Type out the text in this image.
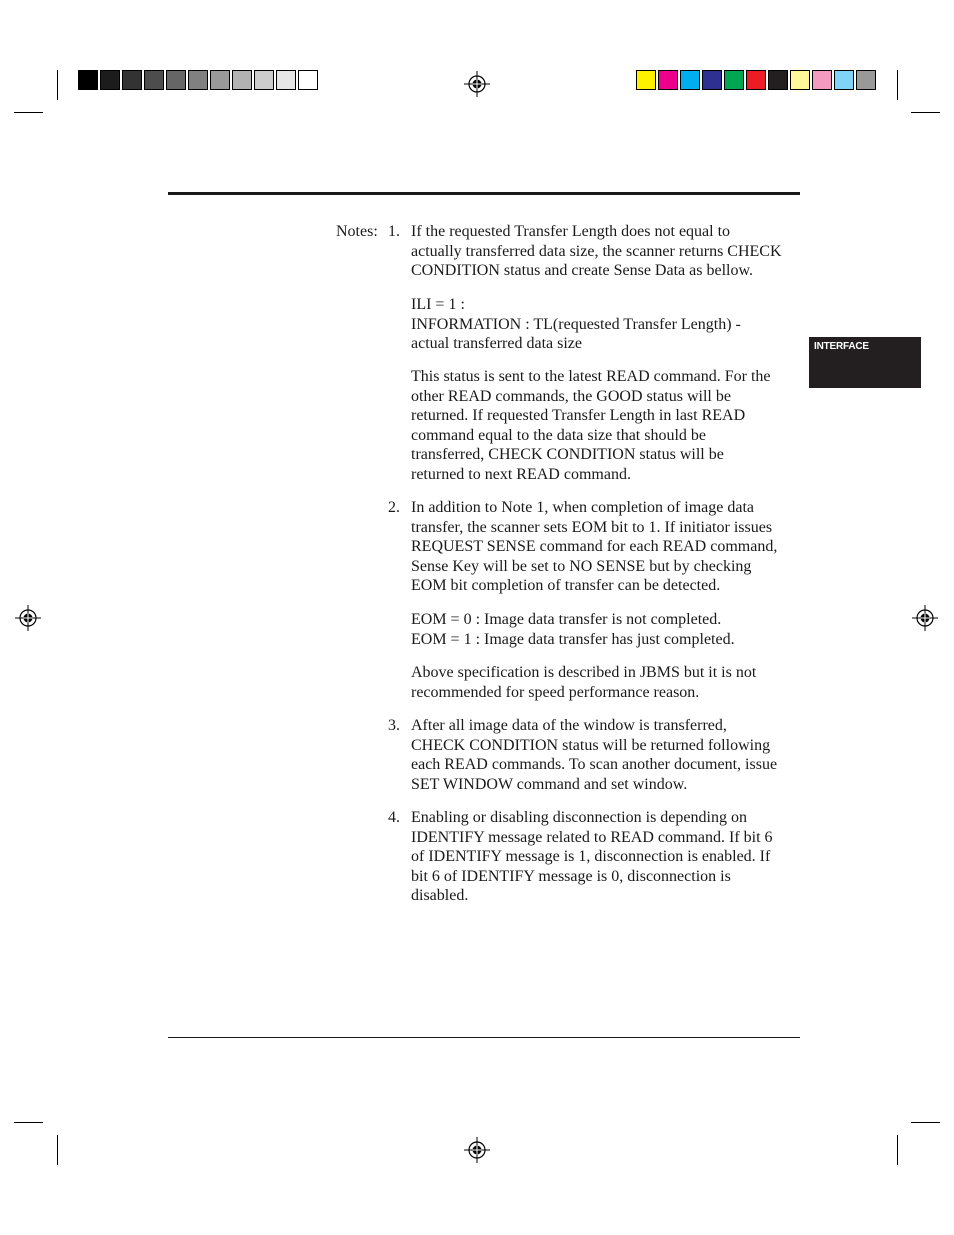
INTERFACE
Notes: 1. If the requested Transfer Length does not equal to
actually transferred data size, the scanner returns CHECK
CONDITION status and create Sense Data as bellow.
ILI = 1 :
INFORMATION : TL(requested Transfer Length) -
actual transferred data size
This status is sent to the latest READ command. For the
other READ commands, the GOOD status will be
returned. If requested Transfer Length in last READ
command equal to the data size that should be
transferred, CHECK CONDITION status will be
returned to next READ command.
2. In addition to Note 1, when completion of image data
transfer, the scanner sets EOM bit to 1. If initiator issues
REQUEST SENSE command for each READ command,
Sense Key will be set to NO SENSE but by checking
EOM bit completion of transfer can be detected.
EOM = 0 : Image data transfer is not completed.
EOM = 1 : Image data transfer has just completed.
Above specification is described in JBMS but it is not
recommended for speed performance reason.
3. After all image data of the window is transferred,
CHECK CONDITION status will be returned following
each READ commands. To scan another document, issue
SET WINDOW command and set window.
4. Enabling or disabling disconnection is depending on
IDENTIFY message related to READ command. If bit 6
of IDENTIFY message is 1, disconnection is enabled. If
bit 6 of IDENTIFY message is 0, disconnection is
disabled.
